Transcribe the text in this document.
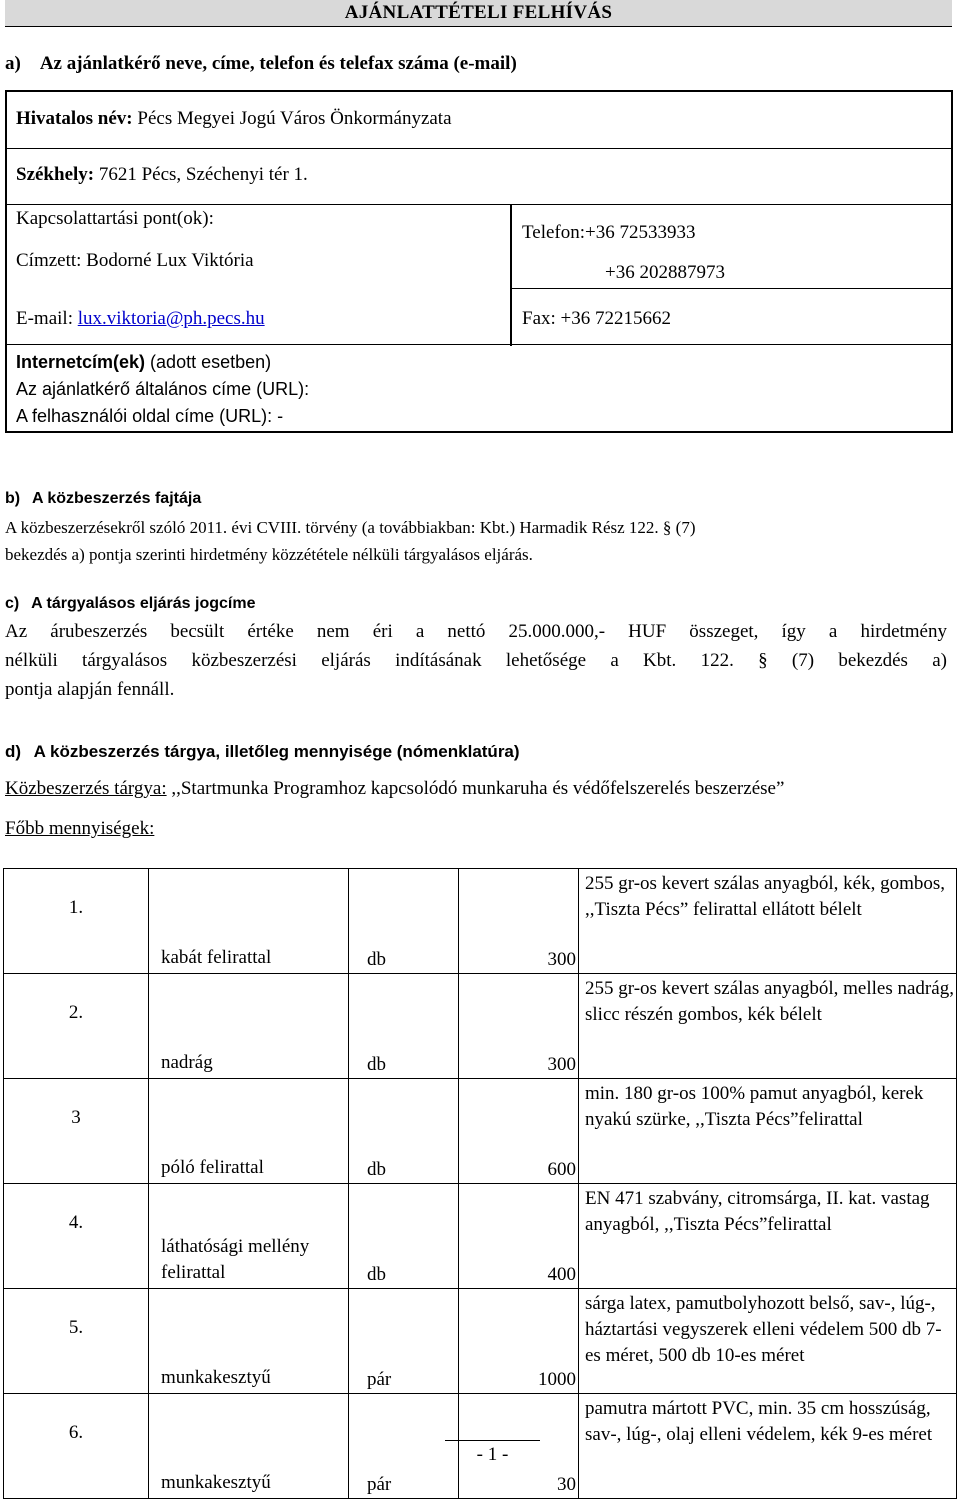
AJÁNLATTÉTELI FELHÍVÁS
a) Az ajánlatkérő neve, címe, telefon és telefax száma (e-mail)
Hivatalos név: Pécs Megyei Jogú Város Önkormányzata
Székhely: 7621 Pécs, Széchenyi tér 1.
Kapcsolattartási pont(ok):
Címzett: Bodorné Lux Viktória
Telefon:+36 72533933
+36 202887973
E-mail: lux.viktoria@ph.pecs.hu	Fax: +36 72215662
Internetcím(ek) (adott esetben)
Az ajánlatkérő általános címe (URL):
A felhasználói oldal címe (URL): -
b)  A közbeszerzés fajtája
A közbeszerzésekről szóló 2011. évi CVIII. törvény (a továbbiakban: Kbt.) Harmadik Rész 122. § (7)
bekezdés a) pontja szerinti hirdetmény közzététele nélküli tárgyalásos eljárás.
c)  A tárgyalásos eljárás jogcíme
Az árubeszerzés becsült értéke nem éri a nettó 25.000.000,- HUF összeget, így a hirdetmény
nélküli tárgyalásos közbeszerzési eljárás indításának lehetősége a Kbt. 122. § (7) bekezdés a)
pontja alapján fennáll.
d)  A közbeszerzés tárgya, illetőleg mennyisége (nómenklatúra)
Közbeszerzés tárgya: ,,Startmunka Programhoz kapcsolódó munkaruha és védőfelszerelés beszerzése”
Főbb mennyiségek:
1.	kabát felirattal	db	300	255 gr-os kevert szálas anyagból, kék, gombos, ,,Tiszta Pécs” felirattal ellátott bélelt

2.	nadrág	db	300	255 gr-os kevert szálas anyagból, melles nadrág, slicc részén gombos, kék bélelt

3	póló felirattal	db	600	min. 180 gr-os 100% pamut anyagból, kerek nyakú szürke, ,,Tiszta Pécs”felirattal

4.	láthatósági mellény felirattal	db	400	EN 471 szabvány, citromsárga, II. kat. vastag anyagból, ,,Tiszta Pécs”felirattal

5.	munkakesztyű	pár	1000	sárga latex, pamutbolyhozott belső, sav-, lúg-, háztartási vegyszerek elleni védelem 500 db 7-es méret, 500 db 10-es méret

6.	munkakesztyű	pár	30	pamutra mártott PVC, min. 35 cm hosszúság, sav-, lúg-, olaj elleni védelem, kék 9-es méret
- 1 -
